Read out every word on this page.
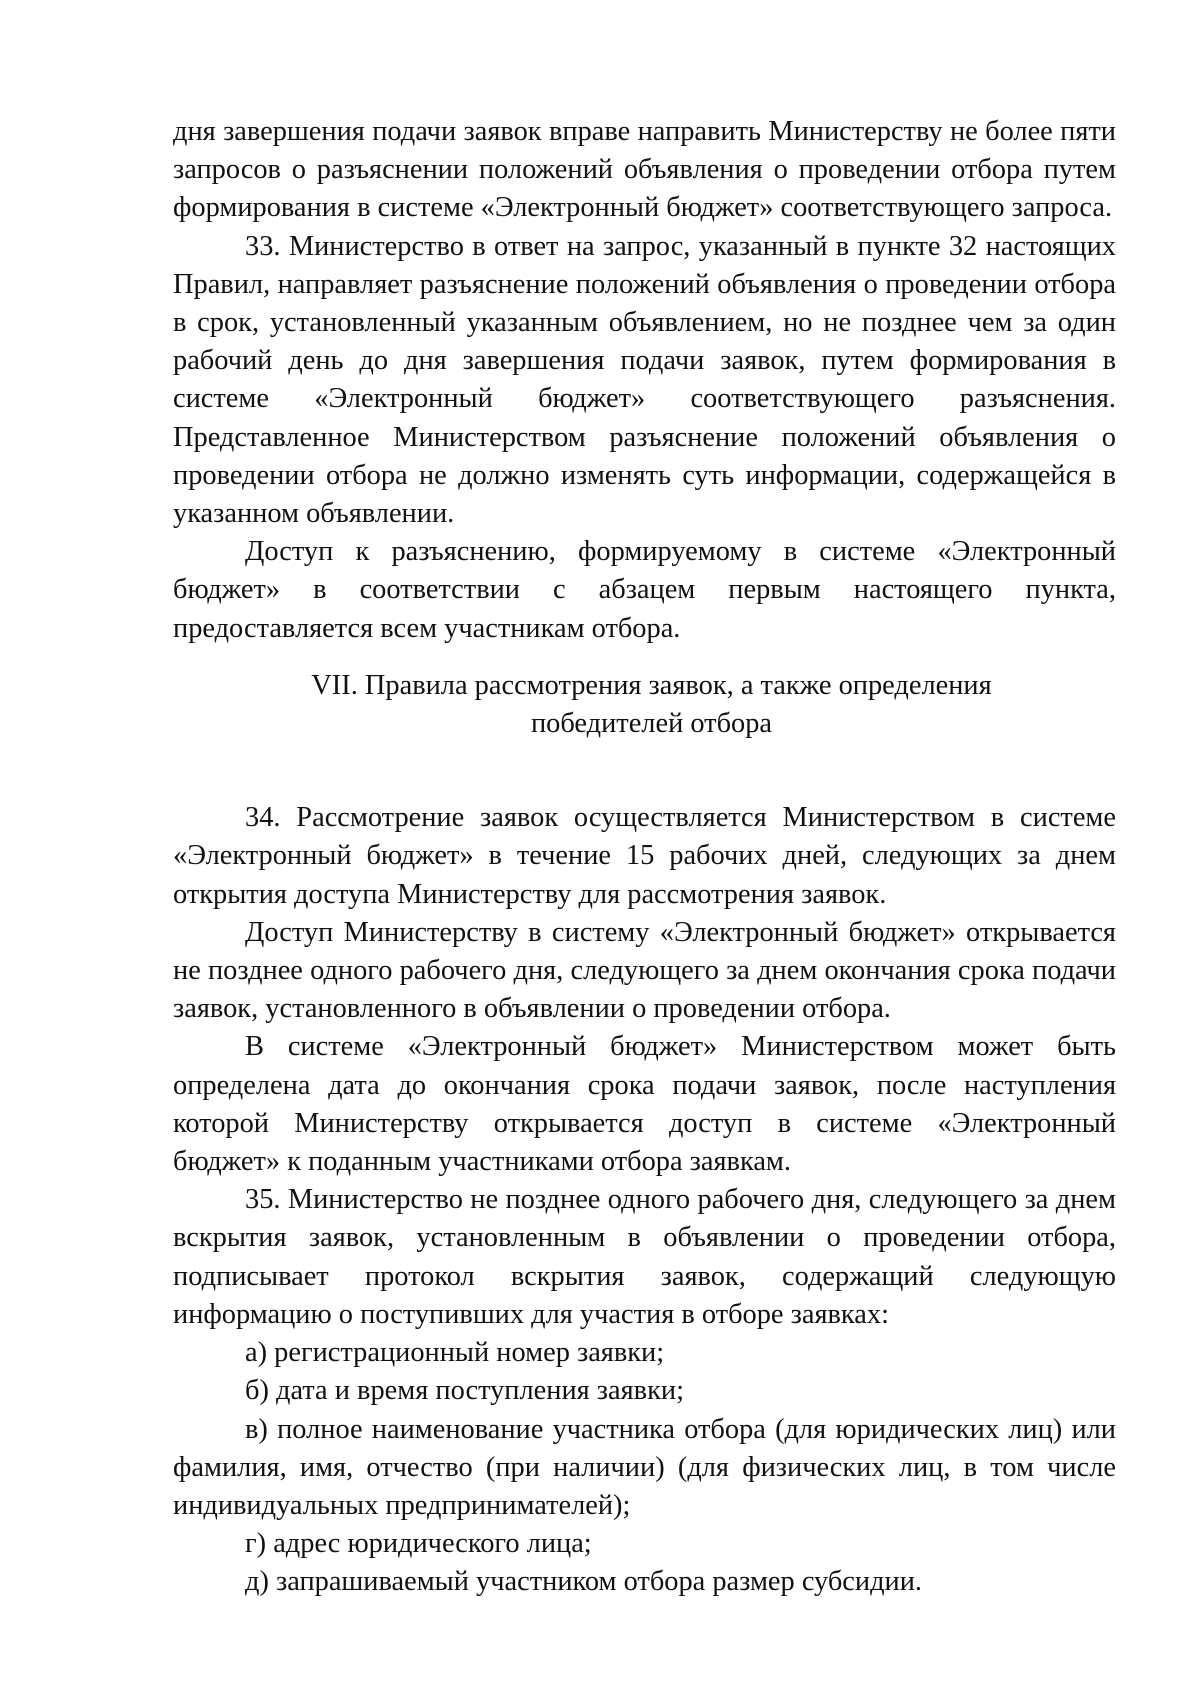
дня завершения подачи заявок вправе направить Министерству не более пяти запросов о разъяснении положений объявления о проведении отбора путем формирования в системе «Электронный бюджет» соответствующего запроса.

33. Министерство в ответ на запрос, указанный в пункте 32 настоящих Правил, направляет разъяснение положений объявления о проведении отбора в срок, установленный указанным объявлением, но не позднее чем за один рабочий день до дня завершения подачи заявок, путем формирования в системе «Электронный бюджет» соответствующего разъяснения. Представленное Министерством разъяснение положений объявления о проведении отбора не должно изменять суть информации, содержащейся в указанном объявлении.

Доступ к разъяснению, формируемому в системе «Электронный бюджет» в соответствии с абзацем первым настоящего пункта, предоставляется всем участникам отбора.

VII. Правила рассмотрения заявок, а также определения
победителей отбора

34. Рассмотрение заявок осуществляется Министерством в системе «Электронный бюджет» в течение 15 рабочих дней, следующих за днем открытия доступа Министерству для рассмотрения заявок.

Доступ Министерству в систему «Электронный бюджет» открывается не позднее одного рабочего дня, следующего за днем окончания срока подачи заявок, установленного в объявлении о проведении отбора.

В системе «Электронный бюджет» Министерством может быть определена дата до окончания срока подачи заявок, после наступления которой Министерству открывается доступ в системе «Электронный бюджет» к поданным участниками отбора заявкам.

35. Министерство не позднее одного рабочего дня, следующего за днем вскрытия заявок, установленным в объявлении о проведении отбора, подписывает протокол вскрытия заявок, содержащий следующую информацию о поступивших для участия в отборе заявках:

а) регистрационный номер заявки;

б) дата и время поступления заявки;

в) полное наименование участника отбора (для юридических лиц) или фамилия, имя, отчество (при наличии) (для физических лиц, в том числе индивидуальных предпринимателей);

г) адрес юридического лица;

д) запрашиваемый участником отбора размер субсидии.
